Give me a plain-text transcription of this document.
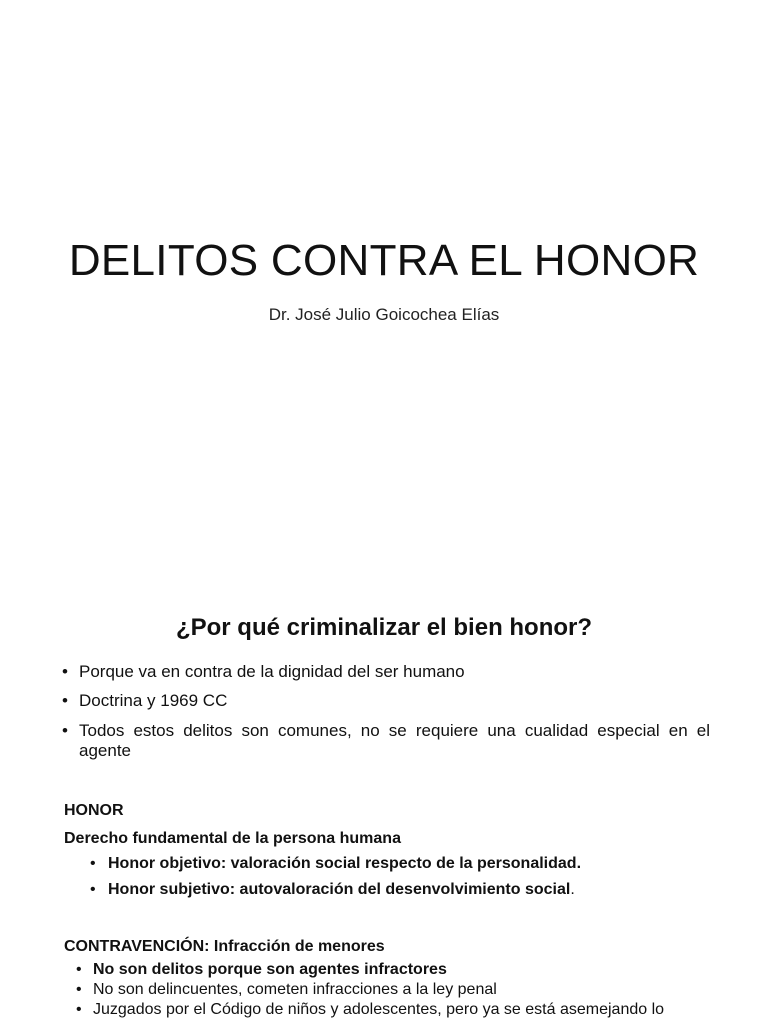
DELITOS CONTRA EL HONOR

Dr. José Julio Goicochea Elías

¿Por qué criminalizar el bien honor?
• Porque va en contra de la dignidad del ser humano
• Doctrina y 1969 CC
• Todos estos delitos son comunes, no se requiere una cualidad especial en el agente

HONOR

Derecho fundamental de la persona humana

• Honor objetivo: valoración social respecto de la personalidad.
• Honor subjetivo: autovaloración del desenvolvimiento social.

CONTRAVENCIÓN: Infracción de menores

• No son delitos porque son agentes infractores
• No son delincuentes, cometen infracciones a la ley penal
• Juzgados por el Código de niños y adolescentes, pero ya se está asemejando lo
